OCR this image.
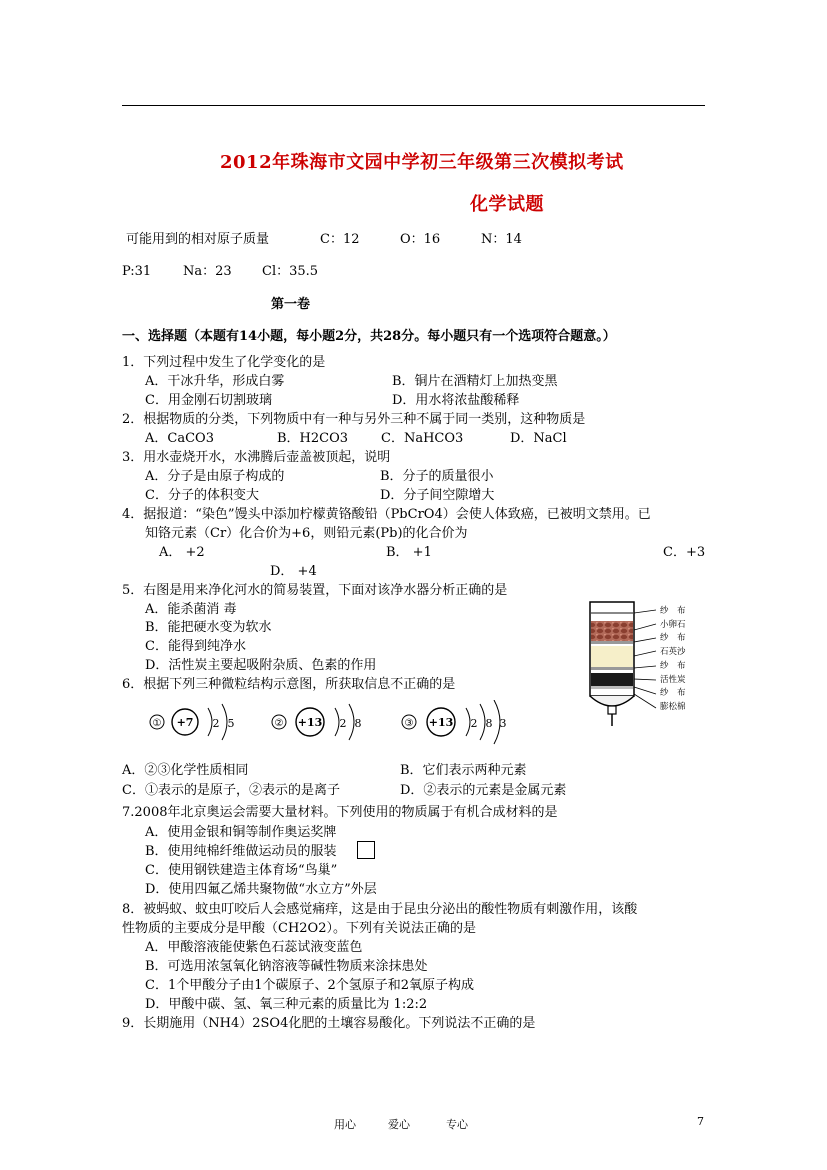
2012年珠海市文园中学初三年级第三次模拟考试
化学试题
可能用到的相对原子质量	C：12	O：16	N：14
P:31 Na：23 Cl：35.5
第一卷
一、选择题（本题有14小题，每小题2分，共28分。每小题只有一个选项符合题意。）
1．下列过程中发生了化学变化的是
A．干冰升华，形成白雾	B．铜片在酒精灯上加热变黑
C．用金刚石切割玻璃	D．用水将浓盐酸稀释
2．根据物质的分类，下列物质中有一种与另外三种不属于同一类别，这种物质是
A．CaCO3	B．H2CO3	C．NaHCO3	D．NaCl
3．用水壶烧开水，水沸腾后壶盖被顶起，说明
A．分子是由原子构成的	B．分子的质量很小
C．分子的体积变大	D．分子间空隙增大
4．据报道：“染色”馒头中添加柠檬黄铬酸铅（PbCrO4）会使人体致癌，已被明文禁用。已
知铬元素（Cr）化合价为+6，则铅元素(Pb)的化合价为
A． +2	B． +1	C．+3
D． +4
5．右图是用来净化河水的简易装置，下面对该净水器分析正确的是
A．能杀菌消 毒
B．能把硬水变为软水
C．能得到纯净水
D．活性炭主要起吸附杂质、色素的作用
纱　布
小卵石
纱　布
石英沙
纱　布
活性炭
纱　布
膨松棉
6．根据下列三种微粒结构示意图，所获取信息不正确的是
① +7 2 5	② +13 2 8	③ +13 2 8 3
A．②③化学性质相同	B．它们表示两种元素
C．①表示的是原子，②表示的是离子	D．②表示的元素是金属元素
7.2008年北京奥运会需要大量材料。下列使用的物质属于有机合成材料的是
A．使用金银和铜等制作奥运奖牌
B．使用纯棉纤维做运动员的服装
C．使用钢铁建造主体育场“鸟巢”
D．使用四氟乙烯共聚物做“水立方”外层
8．被蚂蚁、蚊虫叮咬后人会感觉痛痒，这是由于昆虫分泌出的酸性物质有刺激作用，该酸
性物质的主要成分是甲酸（CH2O2）。下列有关说法正确的是
A．甲酸溶液能使紫色石蕊试液变蓝色
B．可选用浓氢氧化钠溶液等碱性物质来涂抹患处
C．1个甲酸分子由1个碳原子、2个氢原子和2氧原子构成
D．甲酸中碳、氢、氧三种元素的质量比为 1:2:2
9．长期施用（NH4）2SO4化肥的土壤容易酸化。下列说法不正确的是
用心	爱心	专心	7
